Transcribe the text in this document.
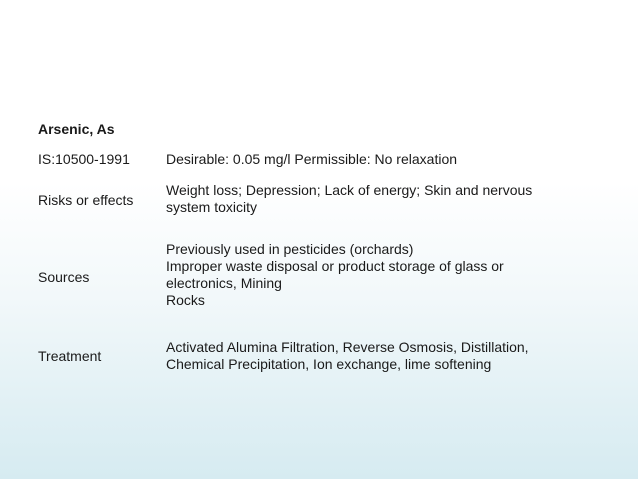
Arsenic, As
IS:10500-1991	Desirable: 0.05 mg/l Permissible: No relaxation
Risks or effects
Weight loss; Depression; Lack of energy; Skin and nervous
system toxicity
Sources
Previously used in pesticides (orchards)
Improper waste disposal or product storage of glass or
electronics, Mining
Rocks
Treatment
Activated Alumina Filtration, Reverse Osmosis, Distillation,
Chemical Precipitation, Ion exchange, lime softening
